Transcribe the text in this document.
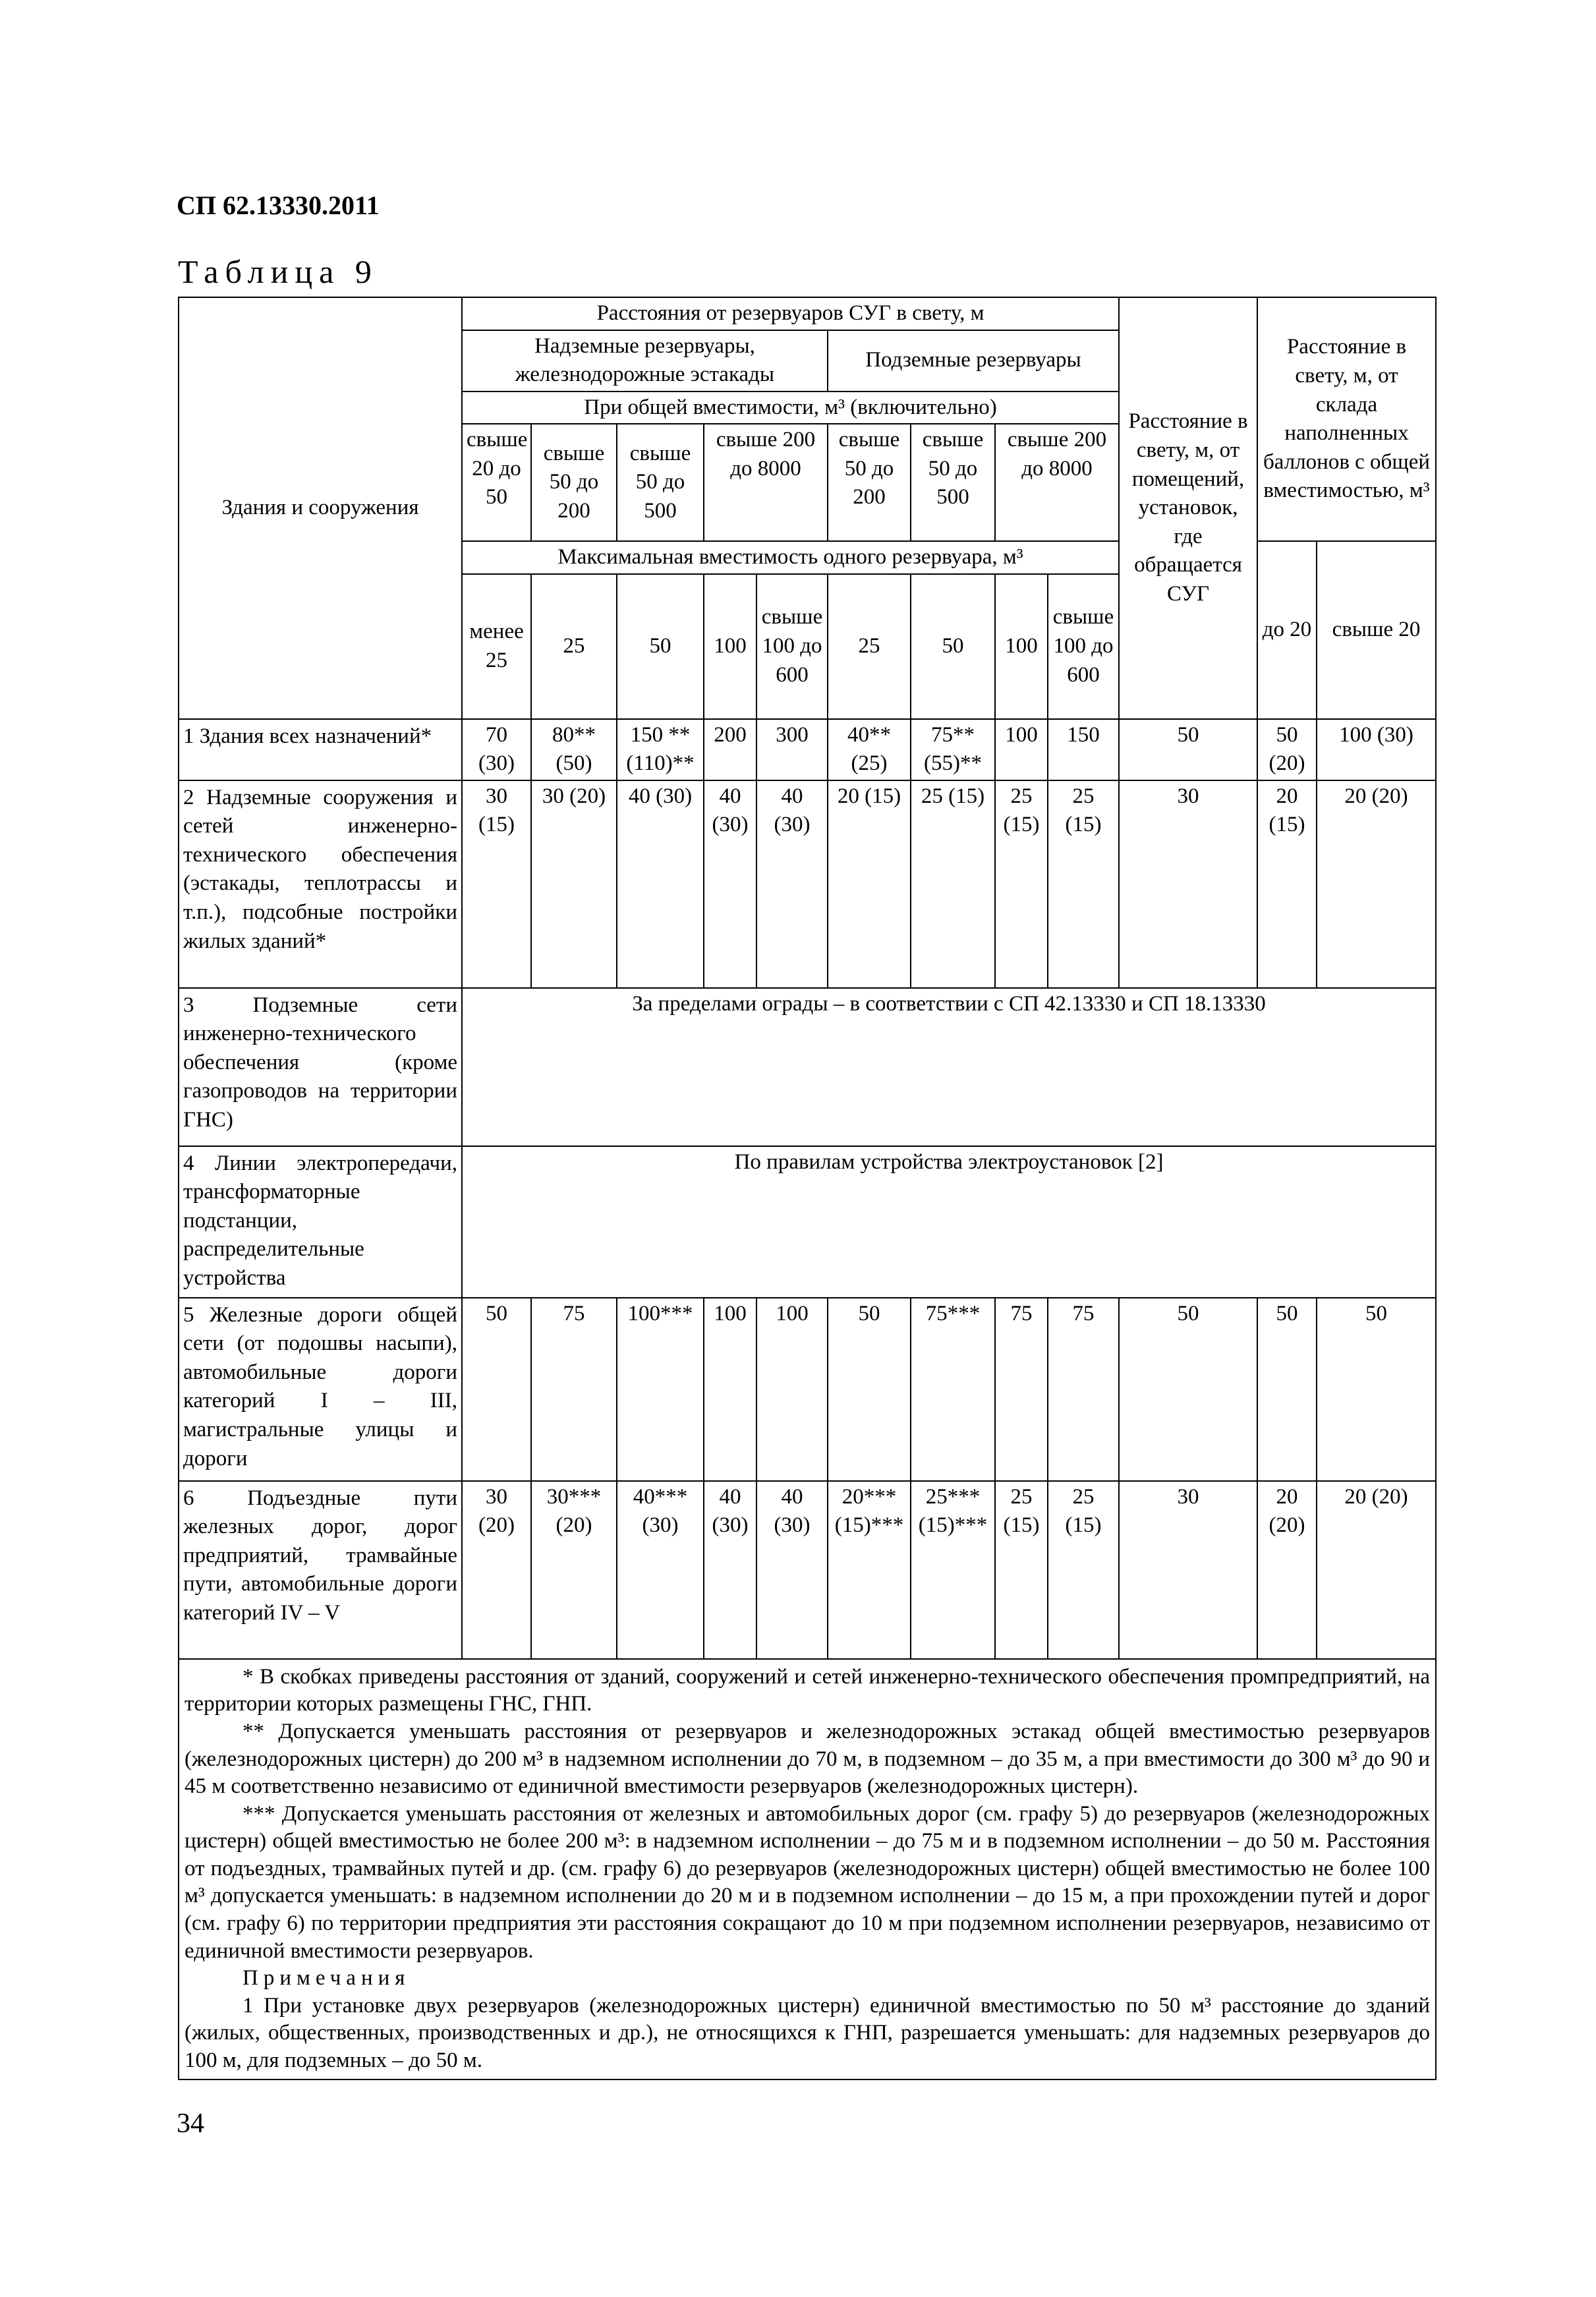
СП 62.13330.2011
Таблица 9
Здания и сооружения	Расстояния от резервуаров СУГ в свету, м									Расстояние в свету, м, от помещений, установок, где обращается СУГ	Расстояние в свету, м, от склада наполненных баллонов с общей вместимостью, м³	
	Надземные резервуары, железнодорожные эстакады					Подземные резервуары						
	При общей вместимости, м³ (включительно)											
	свыше 20 до 50	свыше 50 до 200	свыше 50 до 500	свыше 200 до 8000		свыше 50 до 200	свыше 50 до 500	свыше 200 до 8000				
	Максимальная вместимость одного резервуара, м³										до 20	свыше 20
	менее 25	25	50	100	свыше 100 до 600	25	50	100	свыше 100 до 600			
1 Здания всех назначений*	70 (30)	80** (50)	150 ** (110)**	200	300	40** (25)	75** (55)**	100	150	50	50 (20)	100 (30)
2 Надземные сооружения и сетей инженерно-технического обеспечения (эстакады, теплотрассы и т.п.), подсобные постройки жилых зданий*	30 (15)	30 (20)	40 (30)	40 (30)	40 (30)	20 (15)	25 (15)	25 (15)	25 (15)	30	20 (15)	20 (20)
3 Подземные сети инженерно-технического обеспечения (кроме газопроводов на территории ГНС)	За пределами ограды – в соответствии с СП 42.13330 и СП 18.13330											
4 Линии электропередачи, трансформаторные подстанции, распределительные устройства	По правилам устройства электроустановок [2]											
5 Железные дороги общей сети (от подошвы насыпи), автомобильные дороги категорий I – III, магистральные улицы и дороги	50	75	100***	100	100	50	75***	75	75	50	50	50
6 Подъездные пути железных дорог, дорог предприятий, трамвайные пути, автомобильные дороги категорий IV – V	30 (20)	30*** (20)	40*** (30)	40 (30)	40 (30)	20*** (15)***	25*** (15)***	25 (15)	25 (15)	30	20 (20)	20 (20)

* В скобках приведены расстояния от зданий, сооружений и сетей инженерно-технического обеспечения промпредприятий, на территории которых размещены ГНС, ГНП.

** Допускается уменьшать расстояния от резервуаров и железнодорожных эстакад общей вместимостью резервуаров (железнодорожных цистерн) до 200 м³ в надземном исполнении до 70 м, в подземном – до 35 м, а при вместимости до 300 м³ до 90 и 45 м соответственно независимо от единичной вместимости резервуаров (железнодорожных цистерн).

*** Допускается уменьшать расстояния от железных и автомобильных дорог (см. графу 5) до резервуаров (железнодорожных цистерн) общей вместимостью не более 200 м³: в надземном исполнении – до 75 м и в подземном исполнении – до 50 м. Расстояния от подъездных, трамвайных путей и др. (см. графу 6) до резервуаров (железнодорожных цистерн) общей вместимостью не более 100 м³ допускается уменьшать: в надземном исполнении до 20 м и в подземном исполнении – до 15 м, а при прохождении путей и дорог (см. графу 6) по территории предприятия эти расстояния сокращают до 10 м при подземном исполнении резервуаров, независимо от единичной вместимости резервуаров.

Примечания

1 При установке двух резервуаров (железнодорожных цистерн) единичной вместимостью по 50 м³ расстояние до зданий (жилых, общественных, производственных и др.), не относящихся к ГНП, разрешается уменьшать: для надземных резервуаров до 100 м, для подземных – до 50 м.												

34
